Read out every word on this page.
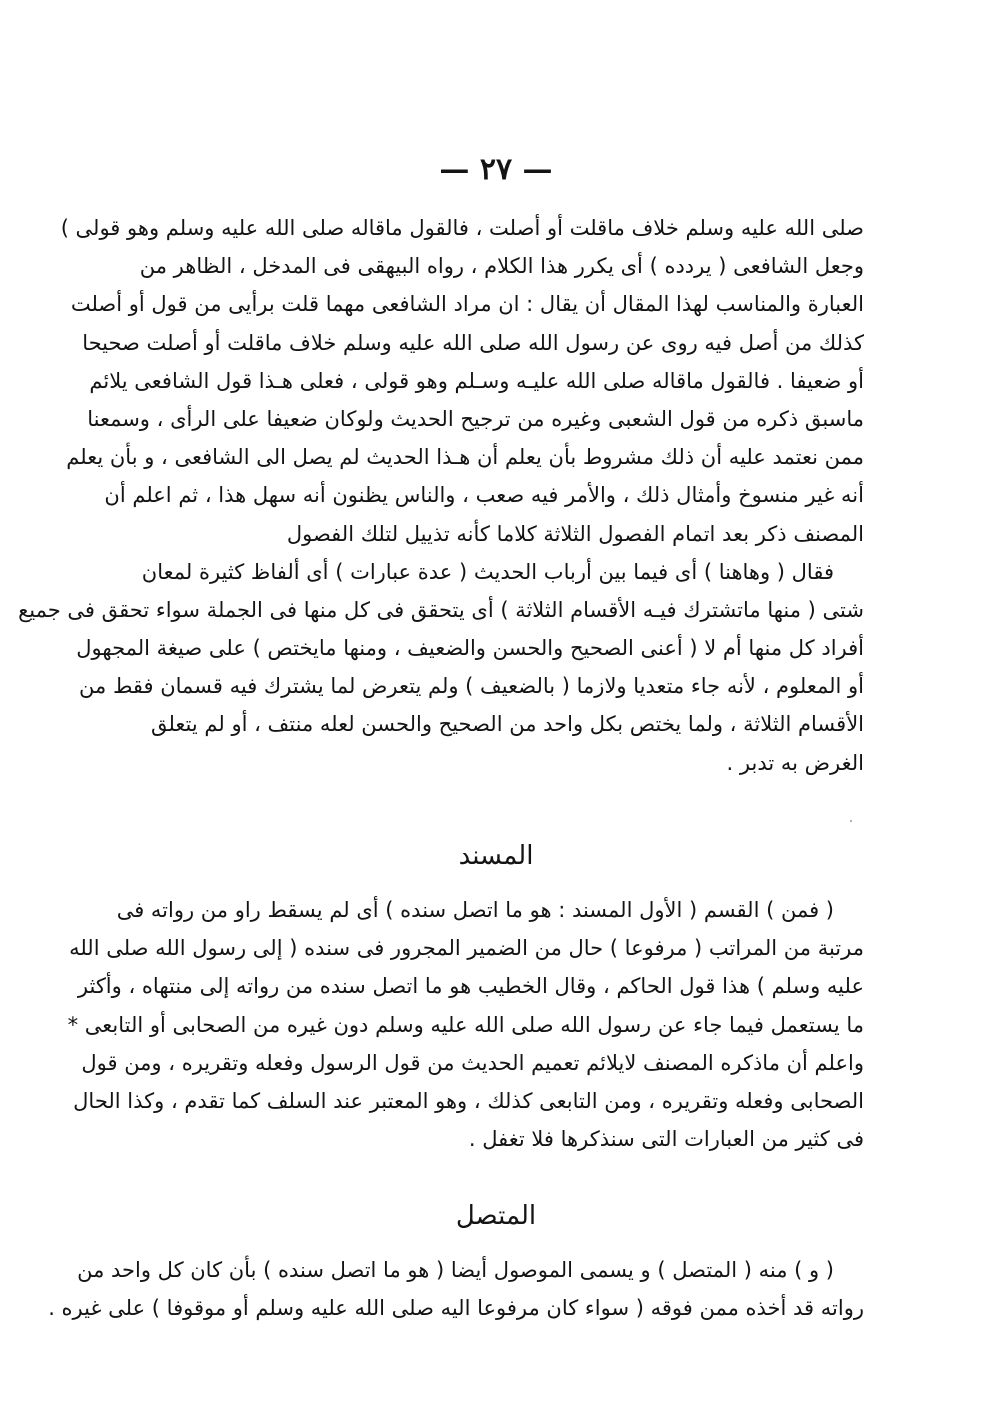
— ٢٧ —
صلى الله عليه وسلم خلاف ماقلت أو أصلت ، فالقول ماقاله صلى الله عليه وسلم وهو قولى )
وجعل الشافعى ( يردده ) أى يكرر هذا الكلام ، رواه البيهقى فى المدخل ، الظاهر من
العبارة والمناسب لهذا المقال أن يقال : ان مراد الشافعى مهما قلت برأيى من قول أو أصلت
كذلك من أصل فيه روى عن رسول الله صلى الله عليه وسلم خلاف ماقلت أو أصلت صحيحا
أو ضعيفا . فالقول ماقاله صلى الله عليـه وسـلم وهو قولى ، فعلى هـذا قول الشافعى يلائم
ماسبق ذكره من قول الشعبى وغيره من ترجيح الحديث ولوكان ضعيفا على الرأى ، وسمعنا
ممن نعتمد عليه أن ذلك مشروط بأن يعلم أن هـذا الحديث لم يصل الى الشافعى ، و بأن يعلم
أنه غير منسوخ وأمثال ذلك ، والأمر فيه صعب ، والناس يظنون أنه سهل هذا ، ثم اعلم أن
المصنف ذكر بعد اتمام الفصول الثلاثة كلاما كأنه تذييل لتلك الفصول
فقال ( وهاهنا ) أى فيما بين أرباب الحديث ( عدة عبارات ) أى ألفاظ كثيرة لمعان
شتى ( منها ماتشترك فيـه الأقسام الثلاثة ) أى يتحقق فى كل منها فى الجملة سواء تحقق فى جميع
أفراد كل منها أم لا ( أعنى الصحيح والحسن والضعيف ، ومنها مايختص ) على صيغة المجهول
أو المعلوم ، لأنه جاء متعديا ولازما ( بالضعيف ) ولم يتعرض لما يشترك فيه قسمان فقط من
الأقسام الثلاثة ، ولما يختص بكل واحد من الصحيح والحسن لعله منتف ، أو لم يتعلق
الغرض به تدبر .
المسند
( فمن ) القسم ( الأول المسند : هو ما اتصل سنده ) أى لم يسقط راو من رواته فى
مرتبة من المراتب ( مرفوعا ) حال من الضمير المجرور فى سنده ( إلى رسول الله صلى الله
عليه وسلم ) هذا قول الحاكم ، وقال الخطيب هو ما اتصل سنده من رواته إلى منتهاه ، وأكثر
ما يستعمل فيما جاء عن رسول الله صلى الله عليه وسلم دون غيره من الصحابى أو التابعى *
واعلم أن ماذكره المصنف لايلائم تعميم الحديث من قول الرسول وفعله وتقريره ، ومن قول
الصحابى وفعله وتقريره ، ومن التابعى كذلك ، وهو المعتبر عند السلف كما تقدم ، وكذا الحال
فى كثير من العبارات التى سنذكرها فلا تغفل .
المتصل
( و ) منه ( المتصل ) و يسمى الموصول أيضا ( هو ما اتصل سنده ) بأن كان كل واحد من
رواته قد أخذه ممن فوقه ( سواء كان مرفوعا اليه صلى الله عليه وسلم أو موقوفا ) على غيره .
